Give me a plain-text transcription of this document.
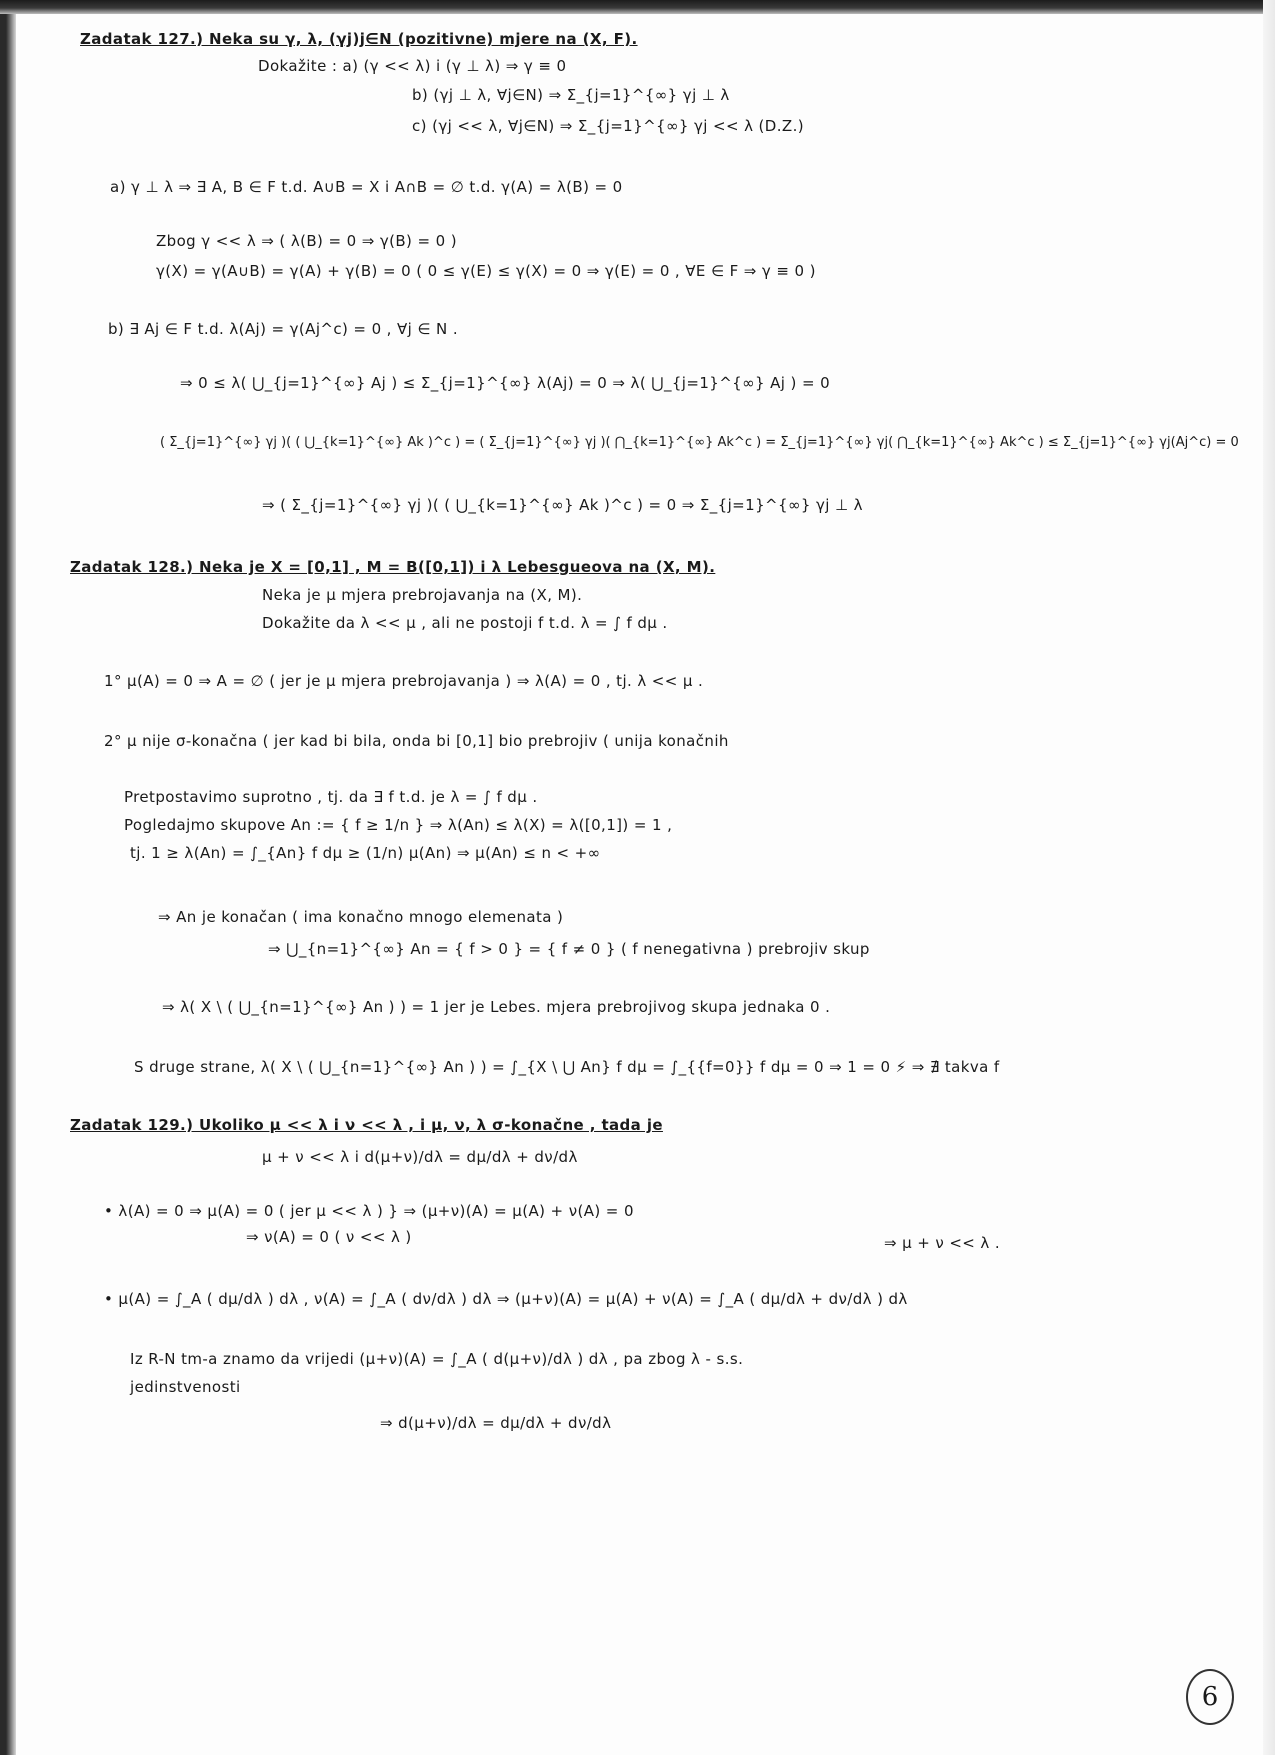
Zadatak 127.) Neka su γ, λ, (γj)j∈N (pozitivne) mjere na (X, F).
Dokažite : a) (γ << λ) i (γ ⊥ λ) ⇒ γ ≡ 0
b) (γj ⊥ λ, ∀j∈N) ⇒ Σ_{j=1}^{∞} γj ⊥ λ
c) (γj << λ, ∀j∈N) ⇒ Σ_{j=1}^{∞} γj << λ (D.Z.)
a) γ ⊥ λ ⇒ ∃ A, B ∈ F t.d. A∪B = X i A∩B = ∅ t.d. γ(A) = λ(B) = 0
Zbog γ << λ ⇒ ( λ(B) = 0 ⇒ γ(B) = 0 )
γ(X) = γ(A∪B) = γ(A) + γ(B) = 0 ( 0 ≤ γ(E) ≤ γ(X) = 0 ⇒ γ(E) = 0 , ∀E ∈ F ⇒ γ ≡ 0 )
b) ∃ Aj ∈ F t.d. λ(Aj) = γ(Aj^c) = 0 , ∀j ∈ N .
⇒ 0 ≤ λ( ⋃_{j=1}^{∞} Aj ) ≤ Σ_{j=1}^{∞} λ(Aj) = 0 ⇒ λ( ⋃_{j=1}^{∞} Aj ) = 0
( Σ_{j=1}^{∞} γj )( ( ⋃_{k=1}^{∞} Ak )^c ) = ( Σ_{j=1}^{∞} γj )( ⋂_{k=1}^{∞} Ak^c ) = Σ_{j=1}^{∞} γj( ⋂_{k=1}^{∞} Ak^c ) ≤ Σ_{j=1}^{∞} γj(Aj^c) = 0
⇒ ( Σ_{j=1}^{∞} γj )( ( ⋃_{k=1}^{∞} Ak )^c ) = 0 ⇒ Σ_{j=1}^{∞} γj ⊥ λ
Zadatak 128.) Neka je X = [0,1] , M = B([0,1]) i λ Lebesgueova na (X, M).
Neka je μ mjera prebrojavanja na (X, M).
Dokažite da λ << μ , ali ne postoji f t.d. λ = ∫ f dμ .
1° μ(A) = 0 ⇒ A = ∅ ( jer je μ mjera prebrojavanja ) ⇒ λ(A) = 0 , tj. λ << μ .
2° μ nije σ-konačna ( jer kad bi bila, onda bi [0,1] bio prebrojiv ( unija konačnih
Pretpostavimo suprotno , tj. da ∃ f t.d. je λ = ∫ f dμ .
Pogledajmo skupove An := { f ≥ 1/n } ⇒ λ(An) ≤ λ(X) = λ([0,1]) = 1 ,
tj. 1 ≥ λ(An) = ∫_{An} f dμ ≥ (1/n) μ(An) ⇒ μ(An) ≤ n < +∞
⇒ An je konačan ( ima konačno mnogo elemenata )
⇒ ⋃_{n=1}^{∞} An = { f > 0 } = { f ≠ 0 } ( f nenegativna ) prebrojiv skup
⇒ λ( X \ ( ⋃_{n=1}^{∞} An ) ) = 1 jer je Lebes. mjera prebrojivog skupa jednaka 0 .
S druge strane, λ( X \ ( ⋃_{n=1}^{∞} An ) ) = ∫_{X \ ⋃ An} f dμ = ∫_{{f=0}} f dμ = 0 ⇒ 1 = 0 ⚡ ⇒ ∄ takva f
Zadatak 129.) Ukoliko μ << λ i ν << λ , i μ, ν, λ σ-konačne , tada je
μ + ν << λ i d(μ+ν)/dλ = dμ/dλ + dν/dλ
• λ(A) = 0 ⇒ μ(A) = 0 ( jer μ << λ ) } ⇒ (μ+ν)(A) = μ(A) + ν(A) = 0
⇒ ν(A) = 0 ( ν << λ )	⇒ μ + ν << λ .
• μ(A) = ∫_A ( dμ/dλ ) dλ , ν(A) = ∫_A ( dν/dλ ) dλ ⇒ (μ+ν)(A) = μ(A) + ν(A) = ∫_A ( dμ/dλ + dν/dλ ) dλ
Iz R-N tm-a znamo da vrijedi (μ+ν)(A) = ∫_A ( d(μ+ν)/dλ ) dλ , pa zbog λ - s.s.
jedinstvenosti
⇒ d(μ+ν)/dλ = dμ/dλ + dν/dλ
6
